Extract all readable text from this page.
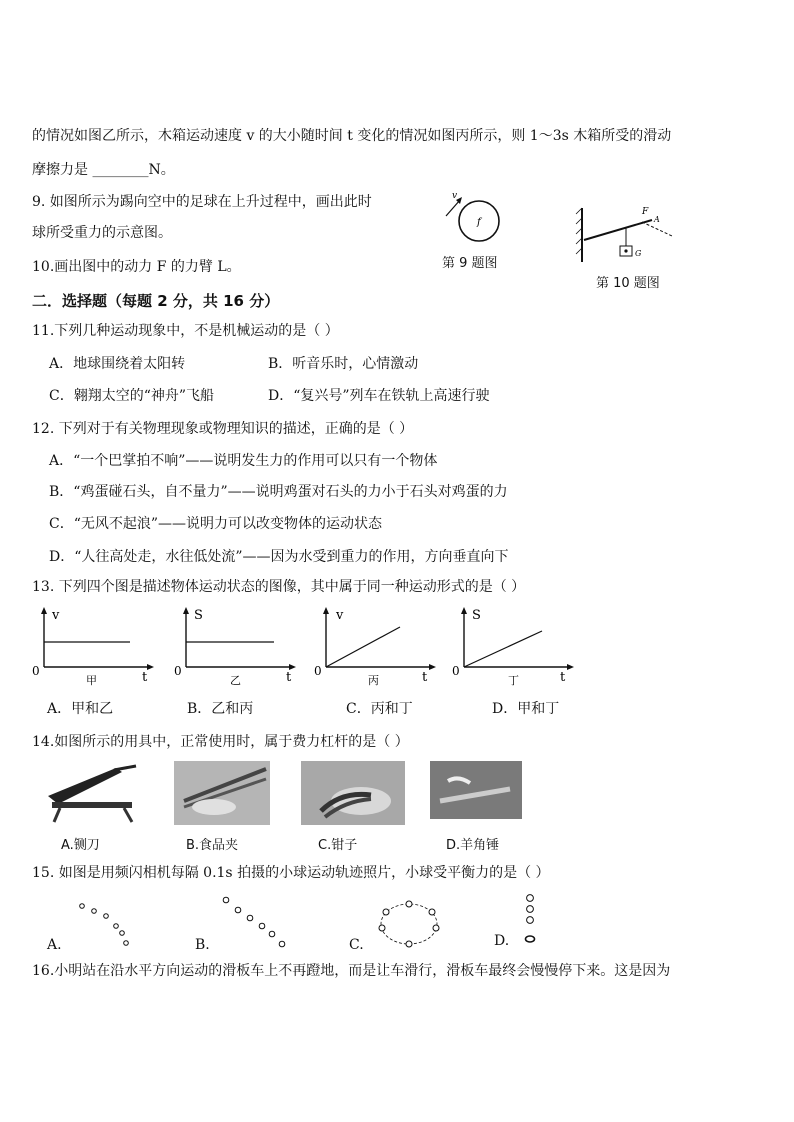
的情况如图乙所示，木箱运动速度 v 的大小随时间 t 变化的情况如图丙所示，则 1～3s 木箱所受的滑动
摩擦力是 ________N。
9. 如图所示为踢向空中的足球在上升过程中，画出此时
球所受重力的示意图。
v
f
第 9 题图
10.画出图中的动力 F 的力臂 L。
G
F
A
第 10 题图
二．选择题（每题 2 分，共 16 分）
11.下列几种运动现象中，不是机械运动的是（ ）
A．地球围绕着太阳转	B．听音乐时，心情激动
C．翱翔太空的“神舟”飞船	D．“复兴号”列车在铁轨上高速行驶
12. 下列对于有关物理现象或物理知识的描述，正确的是（ ）
A．“一个巴掌拍不响”——说明发生力的作用可以只有一个物体
B．“鸡蛋碰石头，自不量力”——说明鸡蛋对石头的力小于石头对鸡蛋的力
C．“无风不起浪”——说明力可以改变物体的运动状态
D．“人往高处走，水往低处流”——因为水受到重力的作用，方向垂直向下
13. 下列四个图是描述物体运动状态的图像，其中属于同一种运动形式的是（ ）
v
t
0
甲
S
t
0
乙
v
t
0
丙
S
t
0
丁
A．甲和乙	B．乙和丙	C．丙和丁	D．甲和丁
14.如图所示的用具中，正常使用时，属于费力杠杆的是（ ）
A.铡刀	B.食品夹	C.钳子	D.羊角锤
15. 如图是用频闪相机每隔 0.1s 拍摄的小球运动轨迹照片，小球受平衡力的是（ ）
A.	B.	C.	D.
16.小明站在沿水平方向运动的滑板车上不再蹬地，而是让车滑行，滑板车最终会慢慢停下来。这是因为
